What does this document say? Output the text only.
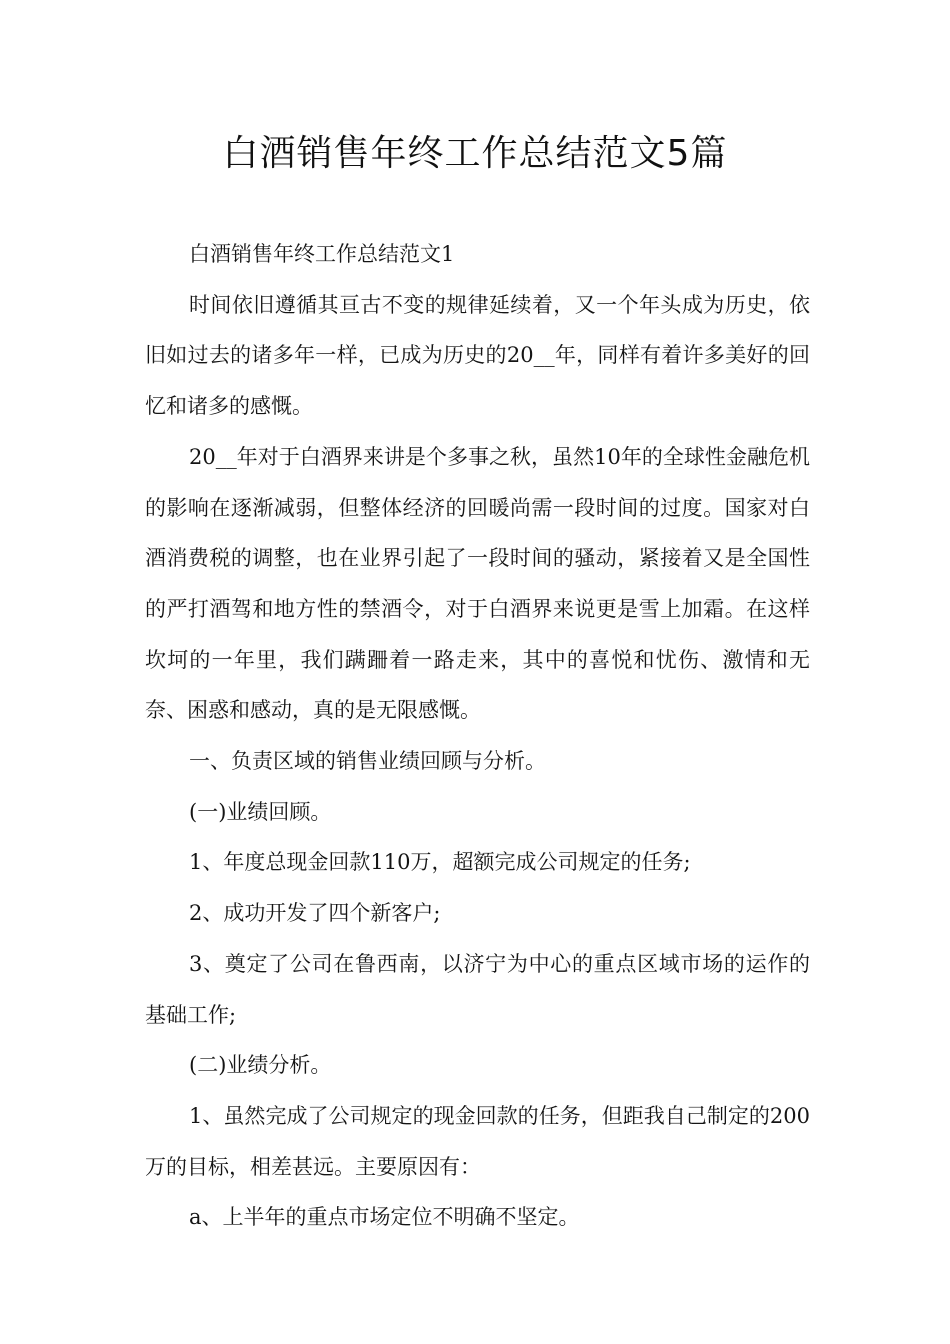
白酒销售年终工作总结范文5篇

白酒销售年终工作总结范文1

时间依旧遵循其亘古不变的规律延续着，又一个年头成为历史，依旧如过去的诸多年一样，已成为历史的20__年，同样有着许多美好的回忆和诸多的感慨。

20__年对于白酒界来讲是个多事之秋，虽然10年的全球性金融危机的影响在逐渐减弱，但整体经济的回暖尚需一段时间的过度。国家对白酒消费税的调整，也在业界引起了一段时间的骚动，紧接着又是全国性的严打酒驾和地方性的禁酒令，对于白酒界来说更是雪上加霜。在这样坎坷的一年里，我们蹒跚着一路走来，其中的喜悦和忧伤、激情和无奈、困惑和感动，真的是无限感慨。

一、负责区域的销售业绩回顾与分析。

(一)业绩回顾。

1、年度总现金回款110万，超额完成公司规定的任务;

2、成功开发了四个新客户;

3、奠定了公司在鲁西南，以济宁为中心的重点区域市场的运作的基础工作;

(二)业绩分析。

1、虽然完成了公司规定的现金回款的任务，但距我自己制定的200万的目标，相差甚远。主要原因有：

a、上半年的重点市场定位不明确不坚定。
